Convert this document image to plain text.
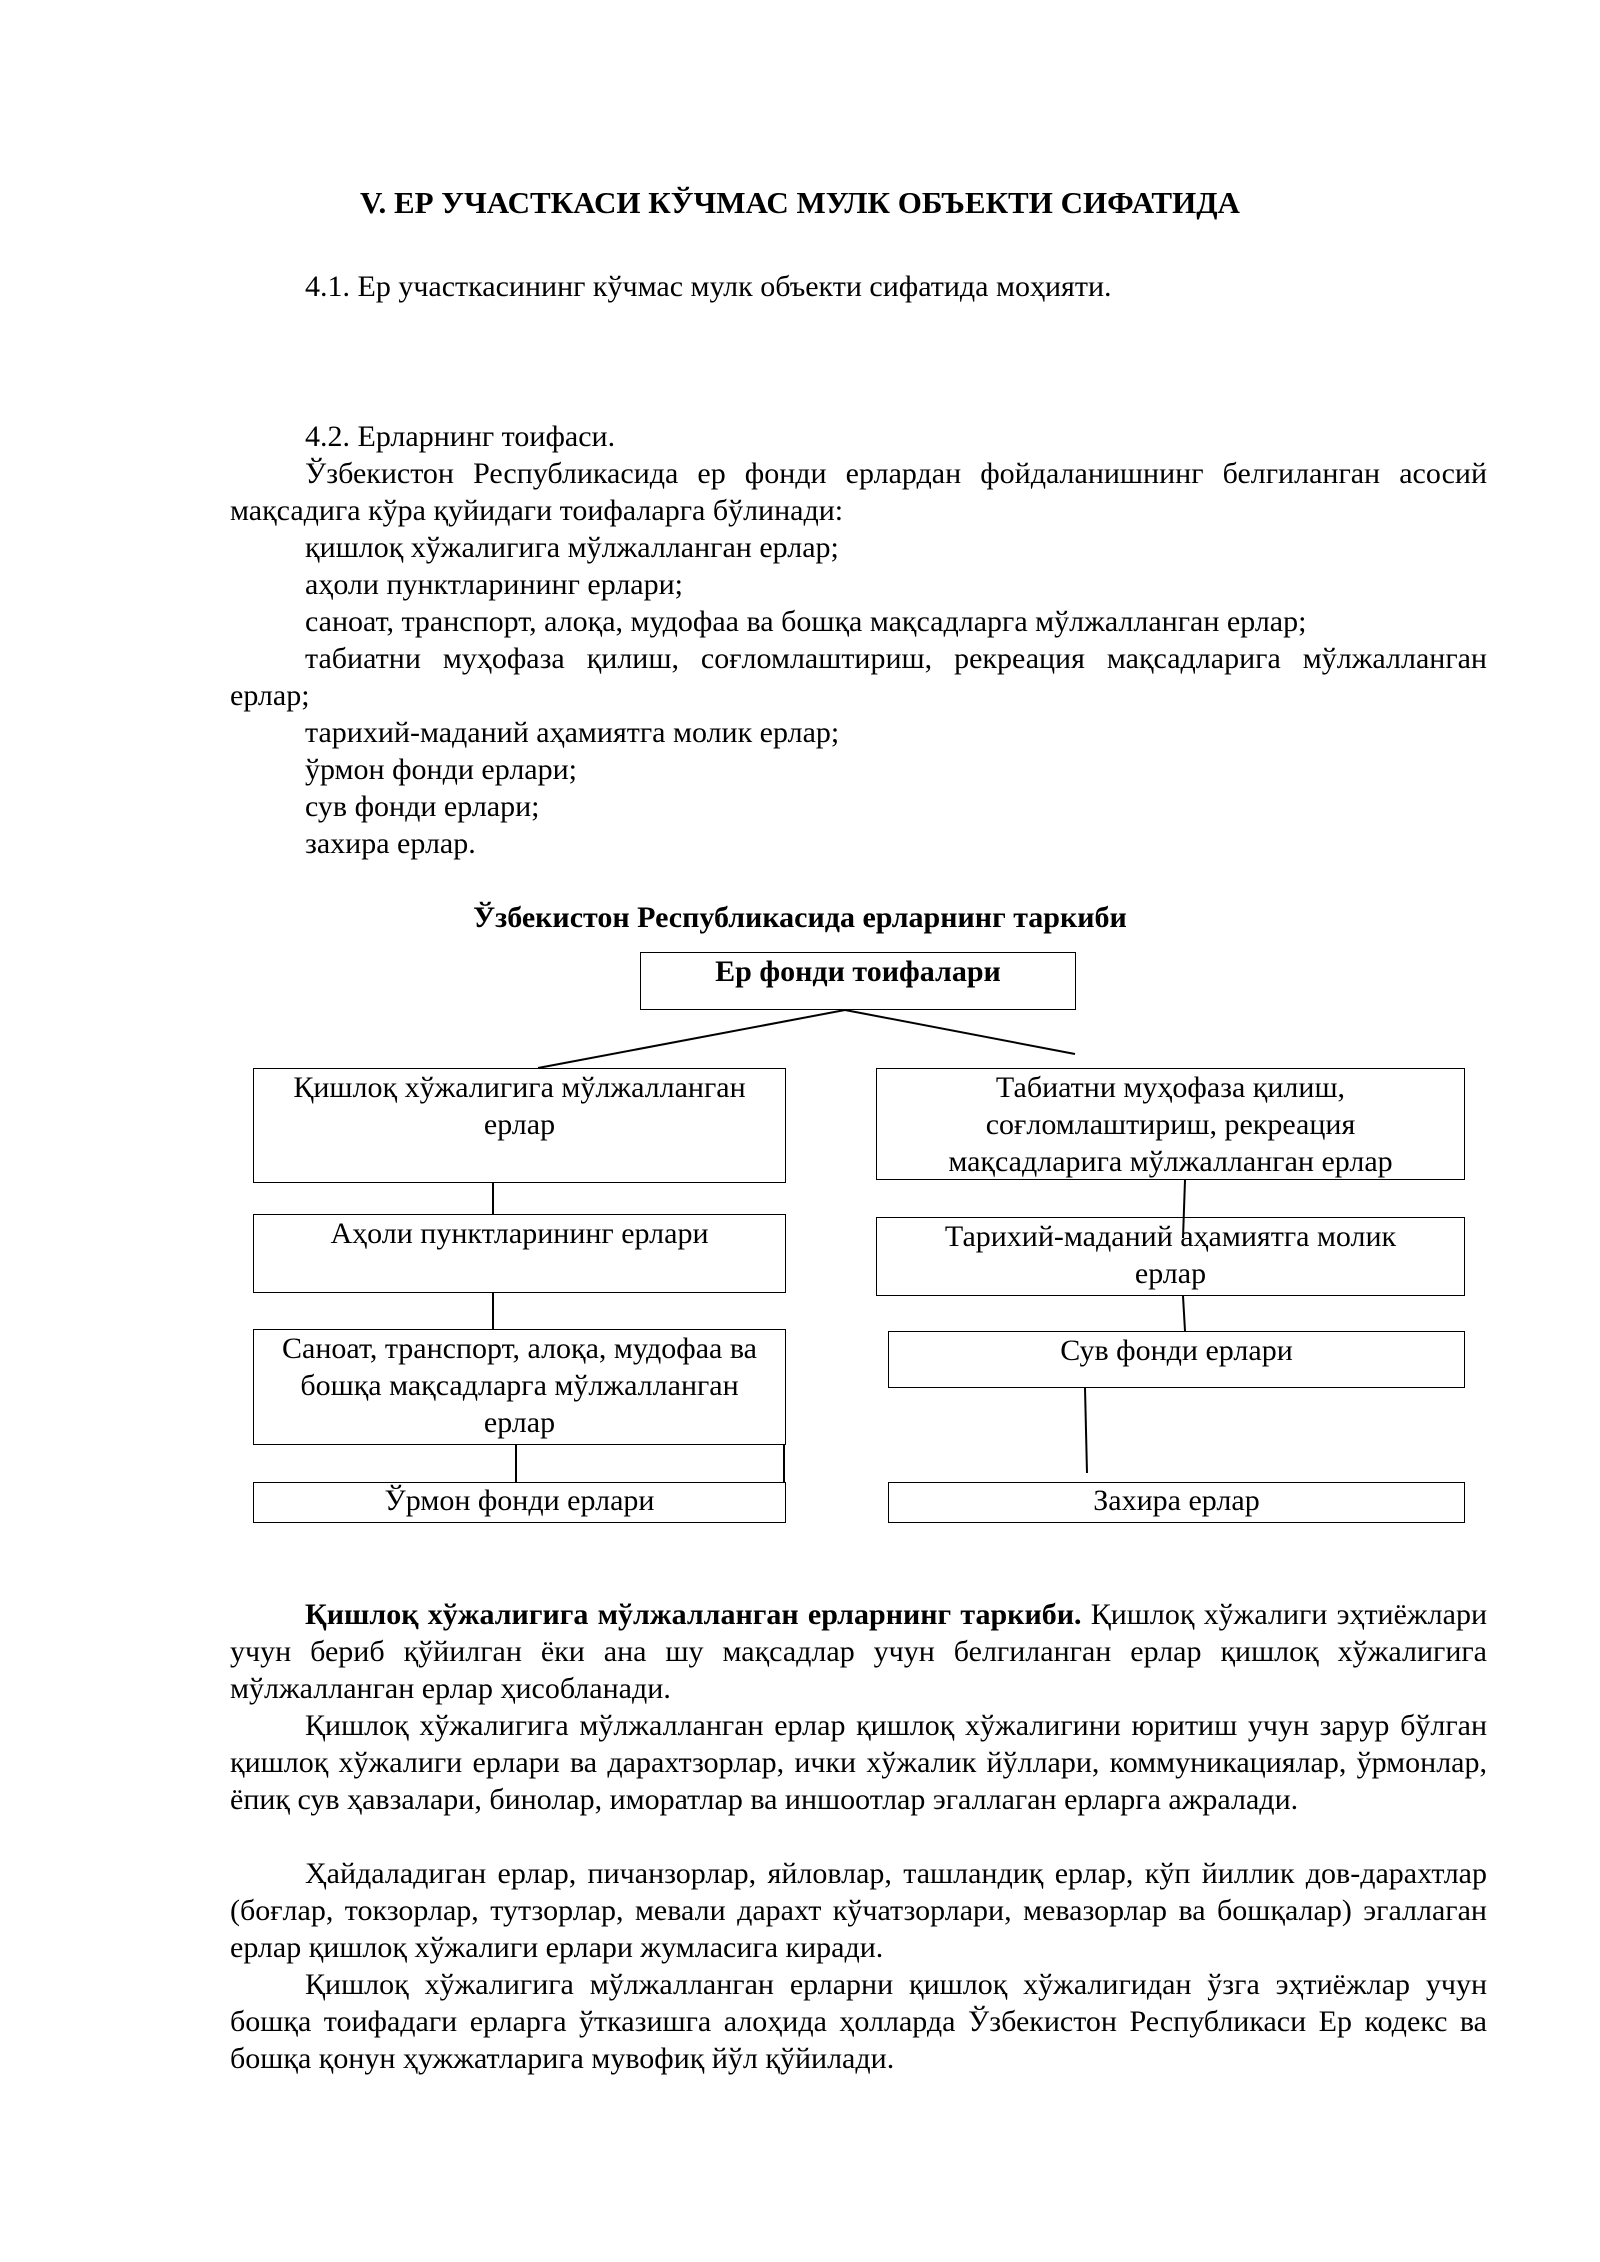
V. ЕР УЧАСТКАСИ КЎЧМАС МУЛК ОБЪЕКТИ СИФАТИДА
4.1. Ер участкасининг кўчмас мулк объекти сифатида моҳияти.
4.2. Ерларнинг тоифаси.
Ўзбекистон Республикасида ер фонди ерлардан фойдаланишнинг белгиланган асосий мақсадига кўра қуйидаги тоифаларга бўлинади:
қишлоқ хўжалигига мўлжалланган ерлар;
аҳоли пунктларининг ерлари;
саноат, транспорт, алоқа, мудофаа ва бошқа мақсадларга мўлжалланган ерлар;
табиатни муҳофаза қилиш, соғломлаштириш, рекреация мақсадларига мўлжалланган ерлар;
тарихий-маданий аҳамиятга молик ерлар;
ўрмон фонди ерлари;
сув фонди ерлари;
захира ерлар.
Ўзбекистон Республикасида ерларнинг таркиби
Ер фонди тоифалари
Қишлоқ хўжалигига мўлжалланган ерлар
Аҳоли пунктларининг ерлари
Саноат, транспорт, алоқа, мудофаа ва бошқа мақсадларга мўлжалланган ерлар
Ўрмон фонди ерлари
Табиатни муҳофаза қилиш, соғломлаштириш, рекреация мақсадларига мўлжалланган ерлар
Тарихий-маданий аҳамиятга молик ерлар
Сув фонди ерлари
Захира ерлар
Қишлоқ хўжалигига мўлжалланган ерларнинг таркиби. Қишлоқ хўжалиги эҳтиёжлари учун бериб қўйилган ёки ана шу мақсадлар учун белгиланган ерлар қишлоқ хўжалигига мўлжалланган ерлар ҳисобланади.
Қишлоқ хўжалигига мўлжалланган ерлар қишлоқ хўжалигини юритиш учун зарур бўлган қишлоқ хўжалиги ерлари ва дарахтзорлар, ички хўжалик йўллари, коммуникациялар, ўрмонлар, ёпиқ сув ҳавзалари, бинолар, иморатлар ва иншоотлар эгаллаган ерларга ажралади.
Ҳайдаладиган ерлар, пичанзорлар, яйловлар, ташландиқ ерлар, кўп йиллик дов-дарахтлар (боғлар, токзорлар, тутзорлар, мевали дарахт кўчатзорлари, мевазорлар ва бошқалар) эгаллаган ерлар қишлоқ хўжалиги ерлари жумласига киради.
Қишлоқ хўжалигига мўлжалланган ерларни қишлоқ хўжалигидан ўзга эҳтиёжлар учун бошқа тоифадаги ерларга ўтказишга алоҳида ҳолларда Ўзбекистон Республикаси Ер кодекс ва бошқа қонун ҳужжатларига мувофиқ йўл қўйилади.
